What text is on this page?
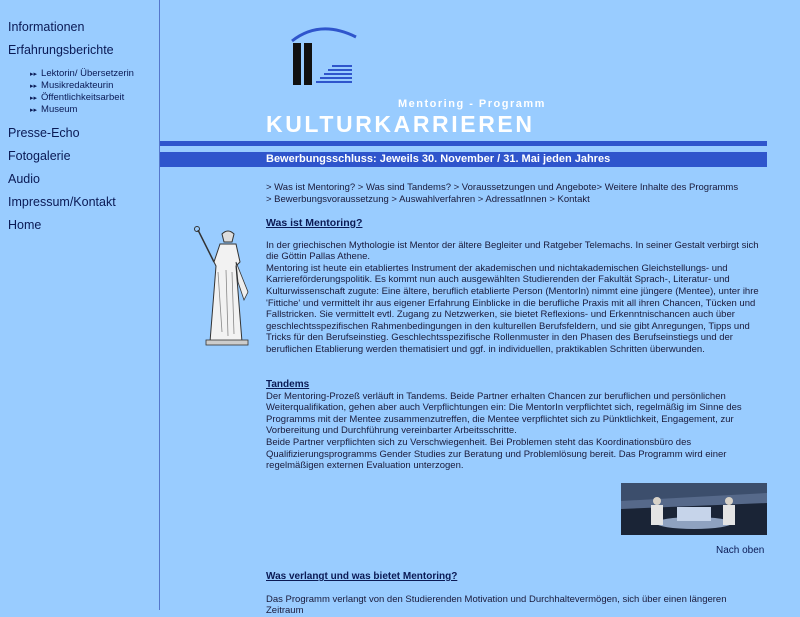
Informationen
Erfahrungsberichte
▸▸ Lektorin/ Übersetzerin
▸▸ Musikredakteurin
▸▸ Öffentlichkeitsarbeit
▸▸ Museum
Presse-Echo
Fotogalerie
Audio
Impressum/Kontakt
Home
Mentoring - Programm
KULTURKARRIEREN
Bewerbungsschluss: Jeweils 30. November / 31. Mai jeden Jahres
> Was ist Mentoring? > Was sind Tandems? > Voraussetzungen und Angebote> Weitere Inhalte des Programms
> Bewerbungsvoraussetzung > Auswahlverfahren > AdressatInnen > Kontakt
Was ist Mentoring?
In der griechischen Mythologie ist Mentor der ältere Begleiter und Ratgeber Telemachs. In seiner Gestalt verbirgt sich die Göttin Pallas Athene.
Mentoring ist heute ein etabliertes Instrument der akademischen und nichtakademischen Gleichstellungs- und Karriereförderungspolitik. Es kommt nun auch ausgewählten Studierenden der Fakultät Sprach-, Literatur- und Kulturwissenschaft zugute: Eine ältere, beruflich etablierte Person (MentorIn) nimmt eine jüngere (Mentee), unter ihre 'Fittiche' und vermittelt ihr aus eigener Erfahrung Einblicke in die berufliche Praxis mit all ihren Chancen, Tücken und Fallstricken. Sie vermittelt evtl. Zugang zu Netzwerken, sie bietet Reflexions- und Erkenntnischancen auch über geschlechtsspezifischen Rahmenbedingungen in den kulturellen Berufsfeldern, und sie gibt Anregungen, Tipps und Tricks für den Berufseinstieg. Geschlechtsspezifische Rollenmuster in den Phasen des Berufseinstiegs und der beruflichen Etablierung werden thematisiert und ggf. in individuellen, praktikablen Schritten überwunden.
Tandems
Der Mentoring-Prozeß verläuft in Tandems. Beide Partner erhalten Chancen zur beruflichen und persönlichen Weiterqualifikation, gehen aber auch Verpflichtungen ein: Die MentorIn verpflichtet sich, regelmäßig im Sinne des Programms mit der Mentee zusammenzutreffen, die Mentee verpflichtet sich zu Pünktlichkeit, Engagement, zur Vorbereitung und Durchführung vereinbarter Arbeitsschritte.
Beide Partner verpflichten sich zu Verschwiegenheit. Bei Problemen steht das Koordinationsbüro des Qualifizierungsprogramms Gender Studies zur Beratung und Problemlösung bereit. Das Programm wird einer regelmäßigen externen Evaluation unterzogen.
Nach oben
Was verlangt und was bietet Mentoring?
Das Programm verlangt von den Studierenden Motivation und Durchhaltevermögen, sich über einen längeren Zeitraum
